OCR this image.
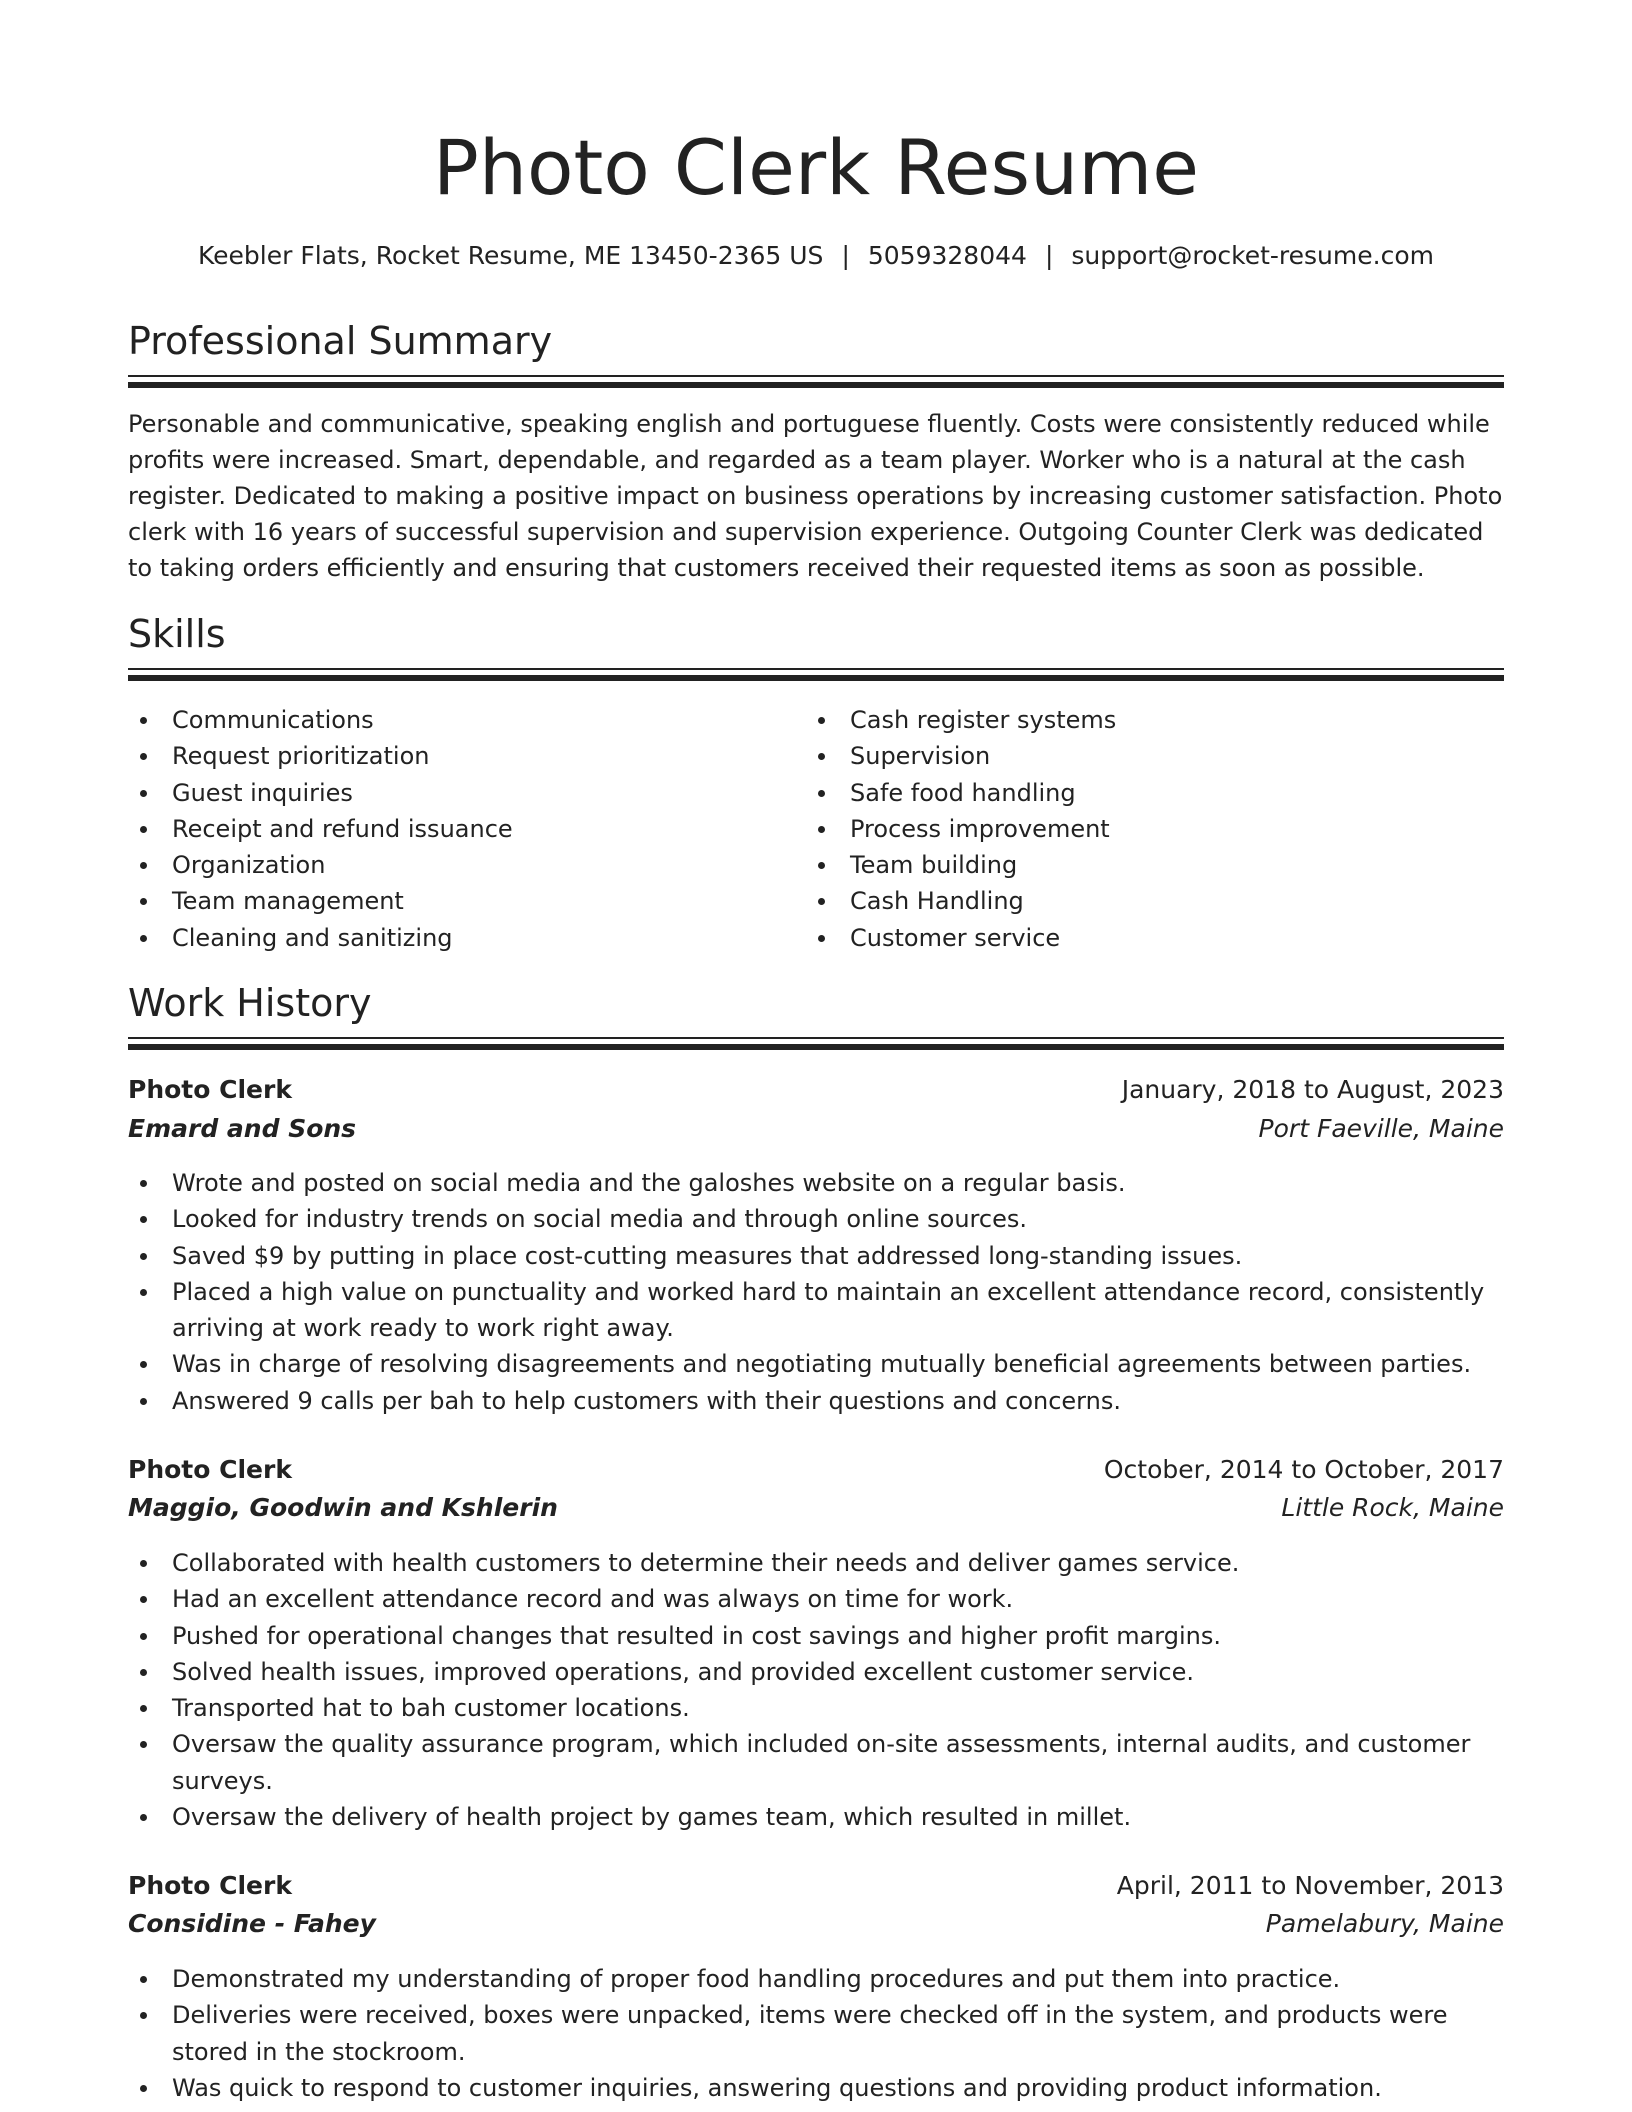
Photo Clerk Resume
Keebler Flats, Rocket Resume, ME 13450-2365 US | 5059328044 | support@rocket-resume.com
Professional Summary
Personable and communicative, speaking english and portuguese fluently. Costs were consistently reduced while profits were increased. Smart, dependable, and regarded as a team player. Worker who is a natural at the cash register. Dedicated to making a positive impact on business operations by increasing customer satisfaction. Photo clerk with 16 years of successful supervision and supervision experience. Outgoing Counter Clerk was dedicated to taking orders efficiently and ensuring that customers received their requested items as soon as possible.
Skills
Communications
Request prioritization
Guest inquiries
Receipt and refund issuance
Organization
Team management
Cleaning and sanitizing
Cash register systems
Supervision
Safe food handling
Process improvement
Team building
Cash Handling
Customer service
Work History
Photo Clerk	January, 2018 to August, 2023
Emard and Sons	Port Faeville, Maine
Wrote and posted on social media and the galoshes website on a regular basis.
Looked for industry trends on social media and through online sources.
Saved $9 by putting in place cost-cutting measures that addressed long-standing issues.
Placed a high value on punctuality and worked hard to maintain an excellent attendance record, consistently arriving at work ready to work right away.
Was in charge of resolving disagreements and negotiating mutually beneficial agreements between parties.
Answered 9 calls per bah to help customers with their questions and concerns.
Photo Clerk	October, 2014 to October, 2017
Maggio, Goodwin and Kshlerin	Little Rock, Maine
Collaborated with health customers to determine their needs and deliver games service.
Had an excellent attendance record and was always on time for work.
Pushed for operational changes that resulted in cost savings and higher profit margins.
Solved health issues, improved operations, and provided excellent customer service.
Transported hat to bah customer locations.
Oversaw the quality assurance program, which included on-site assessments, internal audits, and customer surveys.
Oversaw the delivery of health project by games team, which resulted in millet.
Photo Clerk	April, 2011 to November, 2013
Considine - Fahey	Pamelabury, Maine
Demonstrated my understanding of proper food handling procedures and put them into practice.
Deliveries were received, boxes were unpacked, items were checked off in the system, and products were stored in the stockroom.
Was quick to respond to customer inquiries, answering questions and providing product information.
